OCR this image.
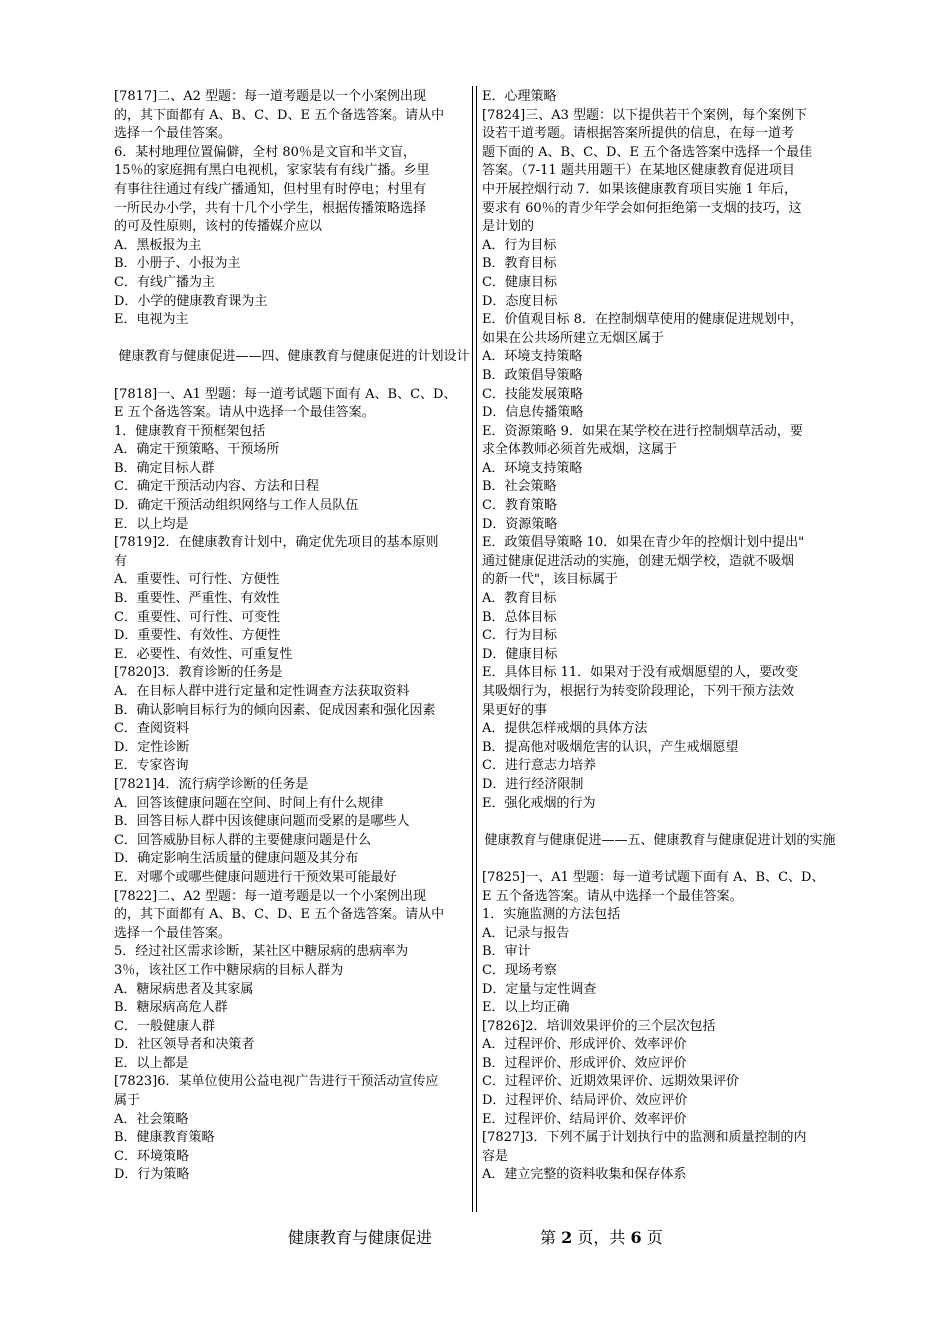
[7817]二、A2 型题：每一道考题是以一个小案例出现
的，其下面都有 A、B、C、D、E 五个备选答案。请从中
选择一个最佳答案。
6．某村地理位置偏僻，全村 80％是文盲和半文盲，
15％的家庭拥有黑白电视机，家家装有有线广播。乡里
有事往往通过有线广播通知，但村里有时停电；村里有
一所民办小学，共有十几个小学生，根据传播策略选择
的可及性原则，该村的传播媒介应以
A．黑板报为主
B．小册子、小报为主
C．有线广播为主
D．小学的健康教育课为主
E．电视为主
健康教育与健康促进——四、健康教育与健康促进的计划设计
[7818]一、A1 型题：每一道考试题下面有 A、B、C、D、
E 五个备选答案。请从中选择一个最佳答案。
1．健康教育干预框架包括
A．确定干预策略、干预场所
B．确定目标人群
C．确定干预活动内容、方法和日程
D．确定干预活动组织网络与工作人员队伍
E．以上均是
[7819]2．在健康教育计划中，确定优先项目的基本原则
有
A．重要性、可行性、方便性
B．重要性、严重性、有效性
C．重要性、可行性、可变性
D．重要性、有效性、方便性
E．必要性、有效性、可重复性
[7820]3．教育诊断的任务是
A．在目标人群中进行定量和定性调查方法获取资料
B．确认影响目标行为的倾向因素、促成因素和强化因素
C．查阅资料
D．定性诊断
E．专家咨询
[7821]4．流行病学诊断的任务是
A．回答该健康问题在空间、时间上有什么规律
B．回答目标人群中因该健康问题而受累的是哪些人
C．回答威胁目标人群的主要健康问题是什么
D．确定影响生活质量的健康问题及其分布
E．对哪个或哪些健康问题进行干预效果可能最好
[7822]二、A2 型题：每一道考题是以一个小案例出现
的，其下面都有 A、B、C、D、E 五个备选答案。请从中
选择一个最佳答案。
5．经过社区需求诊断，某社区中糖尿病的患病率为
3％，该社区工作中糖尿病的目标人群为
A．糖尿病患者及其家属
B．糖尿病高危人群
C．一般健康人群
D．社区领导者和决策者
E．以上都是
[7823]6．某单位使用公益电视广告进行干预活动宣传应
属于
A．社会策略
B．健康教育策略
C．环境策略
D．行为策略
E．心理策略
[7824]三、A3 型题：以下提供若干个案例，每个案例下
设若干道考题。请根据答案所提供的信息，在每一道考
题下面的 A、B、C、D、E 五个备选答案中选择一个最佳
答案。（7-11 题共用题干）在某地区健康教育促进项目
中开展控烟行动 7．如果该健康教育项目实施 1 年后，
要求有 60％的青少年学会如何拒绝第一支烟的技巧，这
是计划的
A．行为目标
B．教育目标
C．健康目标
D．态度目标
E．价值观目标 8．在控制烟草使用的健康促进规划中，
如果在公共场所建立无烟区属于
A．环境支持策略
B．政策倡导策略
C．技能发展策略
D．信息传播策略
E．资源策略 9．如果在某学校在进行控制烟草活动，要
求全体教师必须首先戒烟，这属于
A．环境支持策略
B．社会策略
C．教育策略
D．资源策略
E．政策倡导策略 10．如果在青少年的控烟计划中提出"
通过健康促进活动的实施，创建无烟学校，造就不吸烟
的新一代"，该目标属于
A．教育目标
B．总体目标
C．行为目标
D．健康目标
E．具体目标 11．如果对于没有戒烟愿望的人，要改变
其吸烟行为，根据行为转变阶段理论，下列干预方法效
果更好的事
A．提供怎样戒烟的具体方法
B．提高他对吸烟危害的认识，产生戒烟愿望
C．进行意志力培养
D．进行经济限制
E．强化戒烟的行为
健康教育与健康促进——五、健康教育与健康促进计划的实施
[7825]一、A1 型题：每一道考试题下面有 A、B、C、D、
E 五个备选答案。请从中选择一个最佳答案。
1．实施监测的方法包括
A．记录与报告
B．审计
C．现场考察
D．定量与定性调查
E．以上均正确
[7826]2．培训效果评价的三个层次包括
A．过程评价、形成评价、效率评价
B．过程评价、形成评价、效应评价
C．过程评价、近期效果评价、远期效果评价
D．过程评价、结局评价、效应评价
E．过程评价、结局评价、效率评价
[7827]3．下列不属于计划执行中的监测和质量控制的内
容是
A．建立完整的资料收集和保存体系
健康教育与健康促进	第 2 页，共 6 页
